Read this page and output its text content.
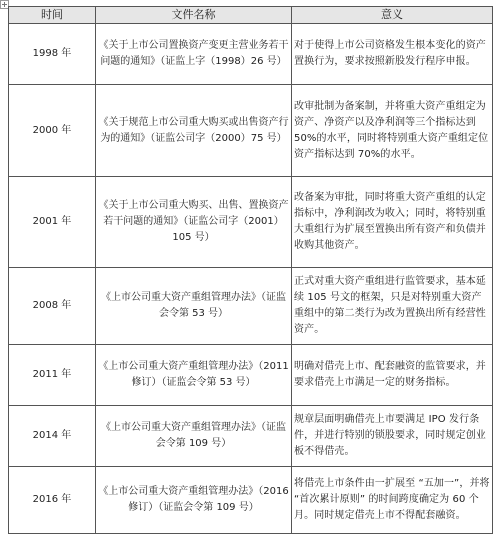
时间	文件名称	意义
1998 年	《关于上市公司置换资产变更主营业务若干问题的通知》（证监上字（1998）26 号）	对于使得上市公司资格发生根本变化的资产置换行为，要求按照新股发行程序申报。
2000 年	《关于规范上市公司重大购买或出售资产行为的通知》（证监公司字（2000）75 号）	改审批制为备案制，并将重大资产重组定为资产、净资产以及净利润等三个指标达到 50%的水平，同时将特别重大资产重组定位资产指标达到 70%的水平。
2001 年	《关于上市公司重大购买、出售、置换资产若干问题的通知》（证监公司字（2001）105 号）	改备案为审批，同时将重大资产重组的认定指标中，净利润改为收入；同时，将特别重大重组行为扩展至置换出所有资产和负债并收购其他资产。
2008 年	《上市公司重大资产重组管理办法》（证监会令第 53 号）	正式对重大资产重组进行监管要求，基本延续 105 号文的框架，只是对特别重大资产重组中的第二类行为改为置换出所有经营性资产。
2011 年	《上市公司重大资产重组管理办法》（2011 修订）（证监会令第 53 号）	明确对借壳上市、配套融资的监管要求，并要求借壳上市满足一定的财务指标。
2014 年	《上市公司重大资产重组管理办法》（证监会令第 109 号）	规章层面明确借壳上市要满足 IPO 发行条件，并进行特别的锁股要求，同时规定创业板不得借壳。
2016 年	《上市公司重大资产重组管理办法》（2016 修订）（证监会令第 109 号）	将借壳上市条件由一扩展至 “五加一”，并将 “首次累计原则” 的时间跨度确定为 60 个月。同时规定借壳上市不得配套融资。
